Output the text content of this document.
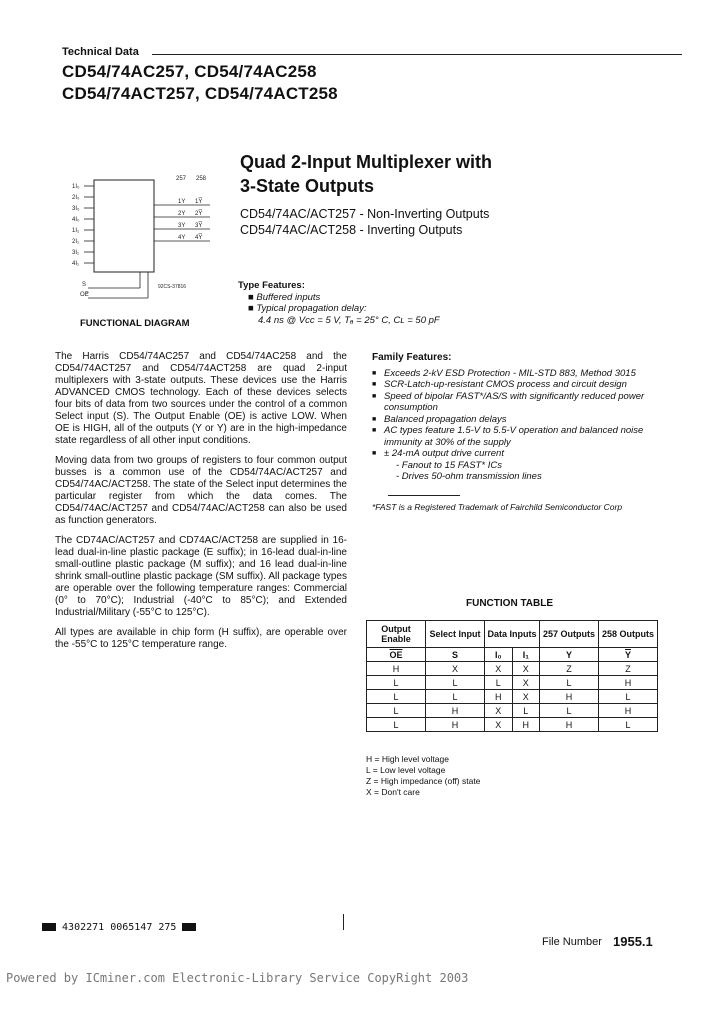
Technical Data
CD54/74AC257, CD54/74AC258
CD54/74ACT257, CD54/74ACT258
Quad 2-Input Multiplexer with
3-State Outputs
CD54/74AC/ACT257 - Non-Inverting Outputs
CD54/74AC/ACT258 - Inverting Outputs
1I₀
2I₀
3I₀
4I₀
1I₁
2I₁
3I₁
4I₁
257 258
1Y
2Y
3Y
4Y
1Y̅
2Y̅
3Y̅
4Y̅
S
OE
92CS-37816
FUNCTIONAL DIAGRAM
Type Features:
■ Buffered inputs
■ Typical propagation delay:
4.4 ns @ Vᴄᴄ = 5 V, Tₐ = 25° C, Cʟ = 50 pF

The Harris CD54/74AC257 and CD54/74AC258 and the CD54/74ACT257 and CD54/74ACT258 are quad 2-input multiplexers with 3-state outputs. These devices use the Harris ADVANCED CMOS technology. Each of these devices selects four bits of data from two sources under the control of a common Select input (S). The Output Enable (OE) is active LOW. When OE is HIGH, all of the outputs (Y or Y) are in the high-impedance state regardless of all other input conditions.

Moving data from two groups of registers to four common output busses is a common use of the CD54/74AC/ACT257 and CD54/74AC/ACT258. The state of the Select input determines the particular register from which the data comes. The CD54/74AC/ACT257 and CD54/74AC/ACT258 can also be used as function generators.

The CD74AC/ACT257 and CD74AC/ACT258 are supplied in 16-lead dual-in-line plastic package (E suffix); in 16-lead dual-in-line small-outline plastic package (M suffix); and 16 lead dual-in-line shrink small-outline plastic package (SM suffix). All package types are operable over the following temperature ranges: Commercial (0° to 70°C); Industrial (-40°C to 85°C); and Extended Industrial/Military (-55°C to 125°C).

All types are available in chip form (H suffix), are operable over the -55°C to 125°C temperature range.

Family Features:
■ Exceeds 2-kV ESD Protection - MIL-STD 883, Method 3015
■ SCR-Latch-up-resistant CMOS process and circuit design
■ Speed of bipolar FAST*/AS/S with significantly reduced power consumption
■ Balanced propagation delays
■ AC types feature 1.5-V to 5.5-V operation and balanced noise immunity at 30% of the supply
■ ± 24-mA output drive current
- Fanout to 15 FAST* ICs
- Drives 50-ohm transmission lines
*FAST is a Registered Trademark of Fairchild Semiconductor Corp
FUNCTION TABLE
Output Enable	Select Input	Data Inputs		257 Outputs	258 Outputs
$\overline{OE}$	S	I₀	I₁	Y	$\overline{Y}$
H	X	X	X	Z	Z
L	L	L	X	L	H
L	L	H	X	H	L
L	H	X	L	L	H
L	H	X	H	H	L
H = High level voltage
L = Low level voltage
Z = High impedance (off) state
X = Don't care
4302271 0065147 275
File Number 1955.1
Powered by ICminer.com Electronic-Library Service CopyRight 2003
